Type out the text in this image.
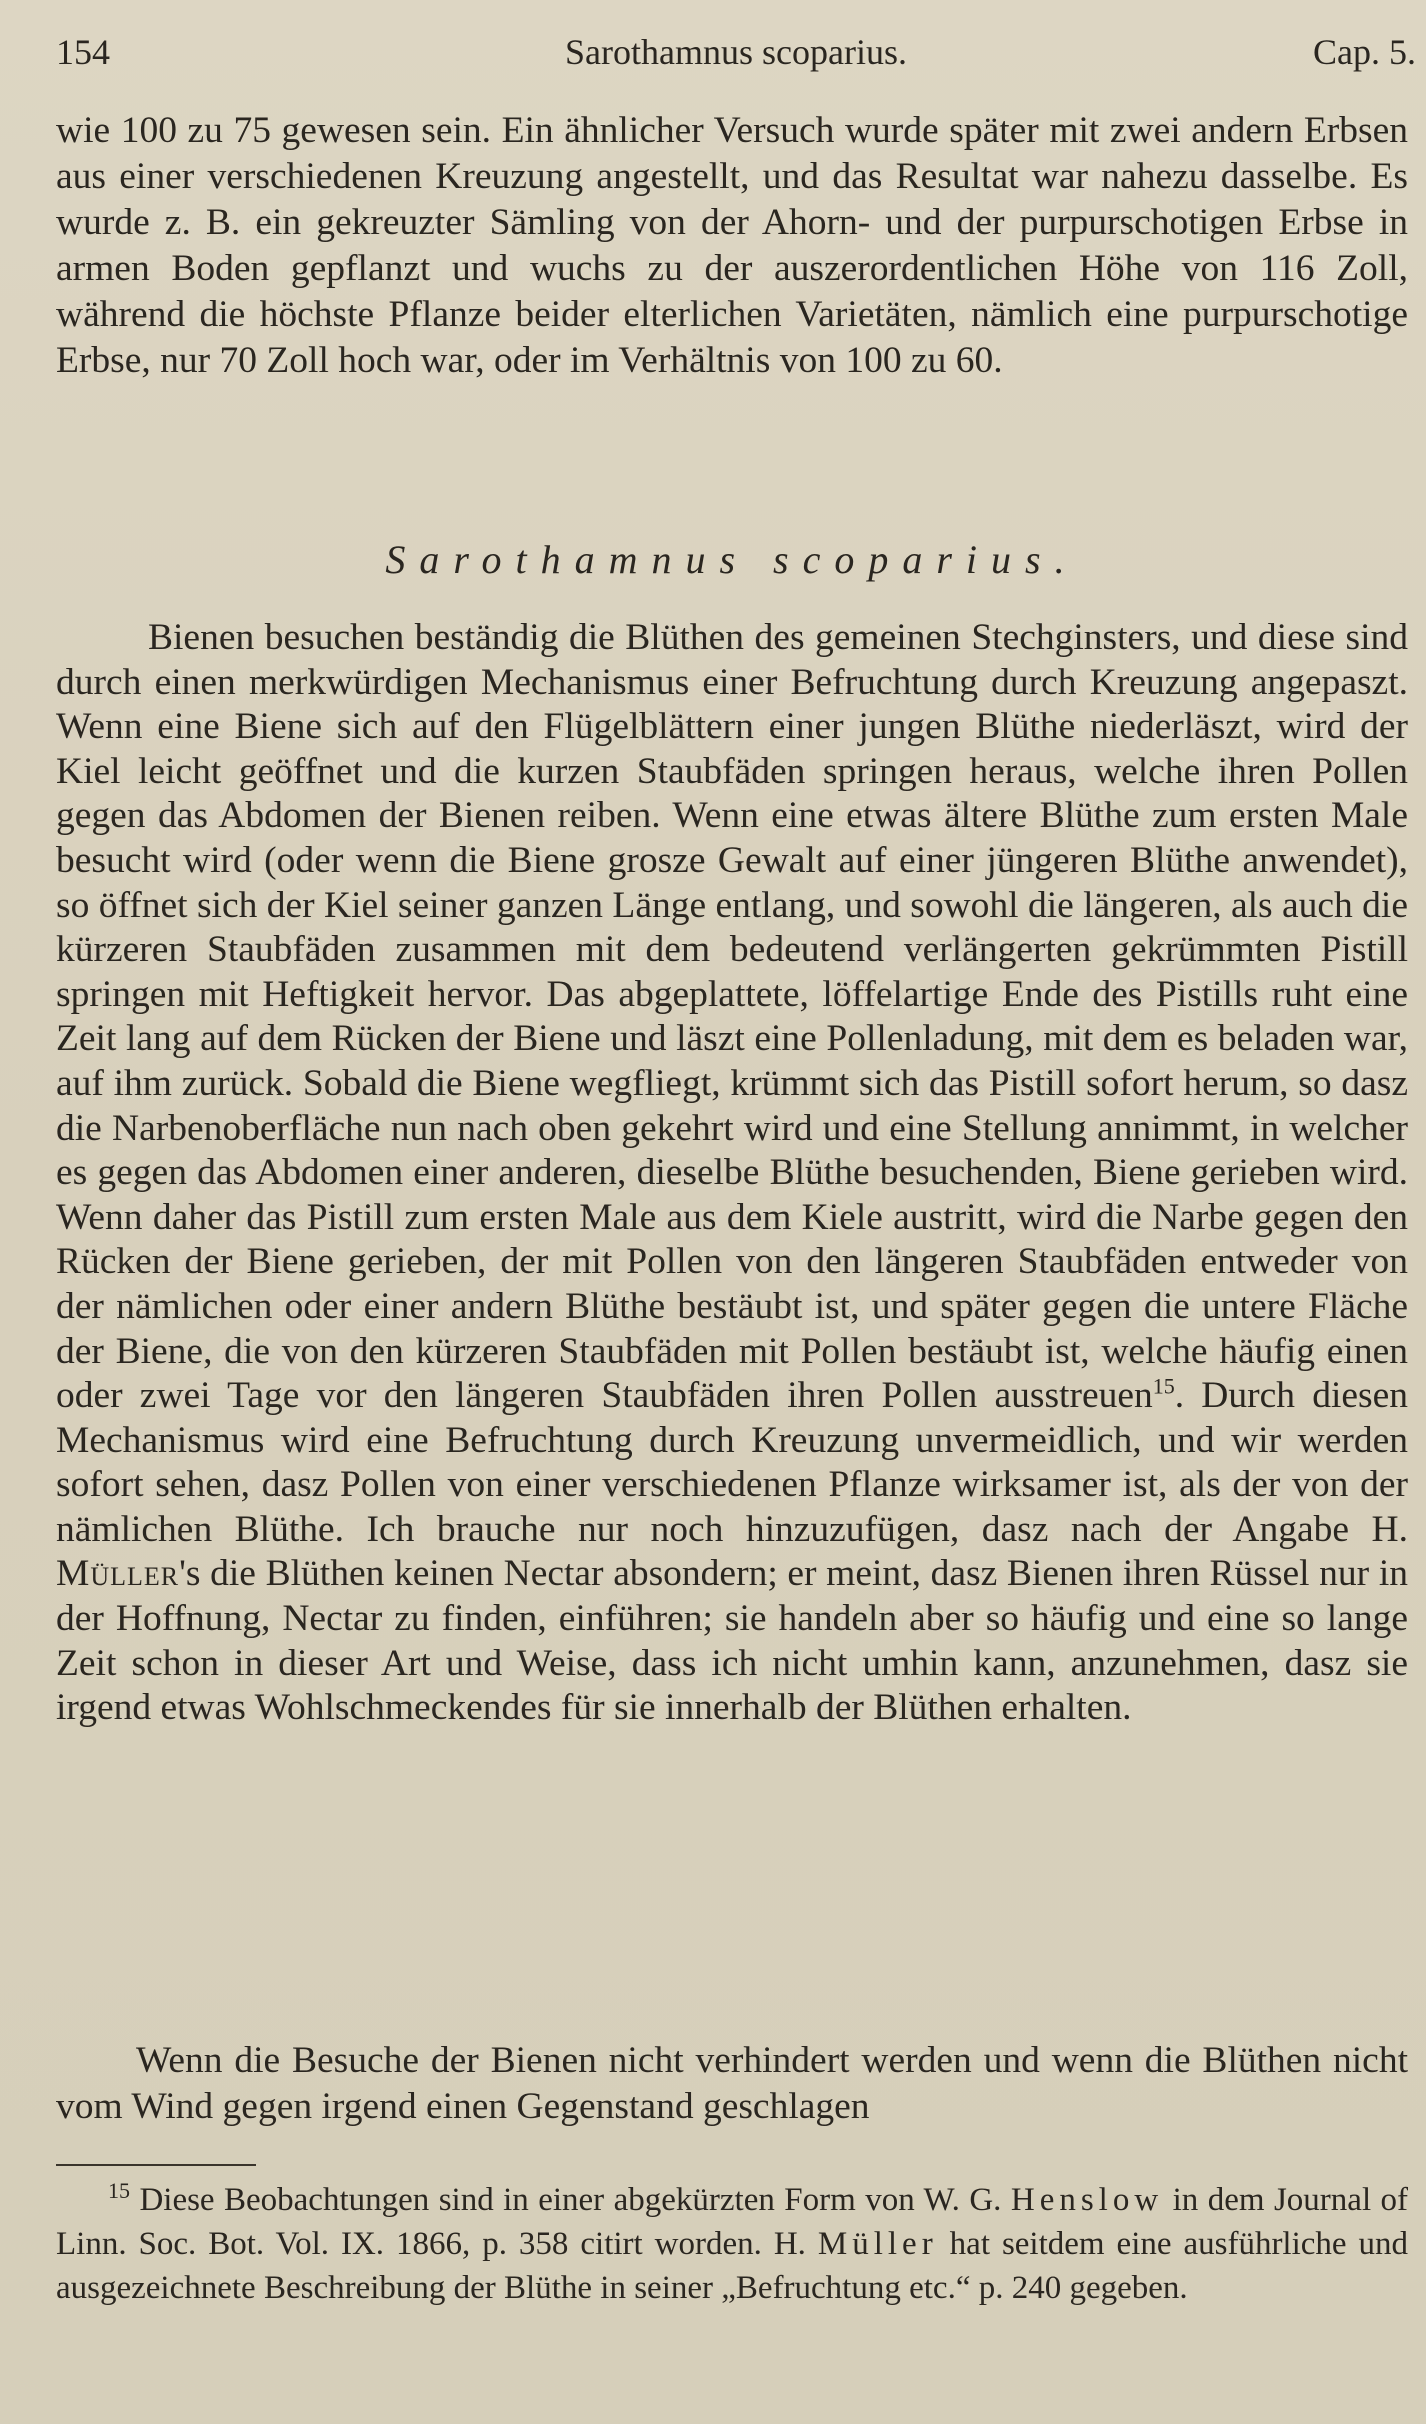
154	Sarothamnus scoparius.	Cap. 5.

wie 100 zu 75 gewesen sein. Ein ähnlicher Versuch wurde später mit zwei andern Erbsen aus einer verschiedenen Kreuzung angestellt, und das Resultat war nahezu dasselbe. Es wurde z. B. ein gekreuzter Sämling von der Ahorn- und der purpurschotigen Erbse in armen Boden gepflanzt und wuchs zu der auszerordentlichen Höhe von 116 Zoll, während die höchste Pflanze beider elterlichen Varietäten, nämlich eine purpurschotige Erbse, nur 70 Zoll hoch war, oder im Verhältnis von 100 zu 60.

Sarothamnus scoparius.

Bienen besuchen beständig die Blüthen des gemeinen Stechginsters, und diese sind durch einen merkwürdigen Mechanismus einer Befruchtung durch Kreuzung angepaszt. Wenn eine Biene sich auf den Flügelblättern einer jungen Blüthe niederläszt, wird der Kiel leicht geöffnet und die kurzen Staubfäden springen heraus, welche ihren Pollen gegen das Abdomen der Bienen reiben. Wenn eine etwas ältere Blüthe zum ersten Male besucht wird (oder wenn die Biene grosze Gewalt auf einer jüngeren Blüthe anwendet), so öffnet sich der Kiel seiner ganzen Länge entlang, und sowohl die längeren, als auch die kürzeren Staubfäden zusammen mit dem bedeutend verlängerten gekrümmten Pistill springen mit Heftigkeit hervor. Das abgeplattete, löffelartige Ende des Pistills ruht eine Zeit lang auf dem Rücken der Biene und läszt eine Pollenladung, mit dem es beladen war, auf ihm zurück. Sobald die Biene wegfliegt, krümmt sich das Pistill sofort herum, so dasz die Narbenoberfläche nun nach oben gekehrt wird und eine Stellung annimmt, in welcher es gegen das Abdomen einer anderen, dieselbe Blüthe besuchenden, Biene gerieben wird. Wenn daher das Pistill zum ersten Male aus dem Kiele austritt, wird die Narbe gegen den Rücken der Biene gerieben, der mit Pollen von den längeren Staubfäden entweder von der nämlichen oder einer andern Blüthe bestäubt ist, und später gegen die untere Fläche der Biene, die von den kürzeren Staubfäden mit Pollen bestäubt ist, welche häufig einen oder zwei Tage vor den längeren Staubfäden ihren Pollen ausstreuen$^{15}$. Durch diesen Mechanismus wird eine Befruchtung durch Kreuzung unvermeidlich, und wir werden sofort sehen, dasz Pollen von einer verschiedenen Pflanze wirksamer ist, als der von der nämlichen Blüthe. Ich brauche nur noch hinzuzufügen, dasz nach der Angabe H. Müller's die Blüthen keinen Nectar absondern; er meint, dasz Bienen ihren Rüssel nur in der Hoffnung, Nectar zu finden, einführen; sie handeln aber so häufig und eine so lange Zeit schon in dieser Art und Weise, dass ich nicht umhin kann, anzunehmen, dasz sie irgend etwas Wohlschmeckendes für sie innerhalb der Blüthen erhalten.

Wenn die Besuche der Bienen nicht verhindert werden und wenn die Blüthen nicht vom Wind gegen irgend einen Gegenstand geschlagen

$^{15}$ Diese Beobachtungen sind in einer abgekürzten Form von W. G. Henslow in dem Journal of Linn. Soc. Bot. Vol. IX. 1866, p. 358 citirt worden. H. Müller hat seitdem eine ausführliche und ausgezeichnete Beschreibung der Blüthe in seiner „Befruchtung etc.“ p. 240 gegeben.
